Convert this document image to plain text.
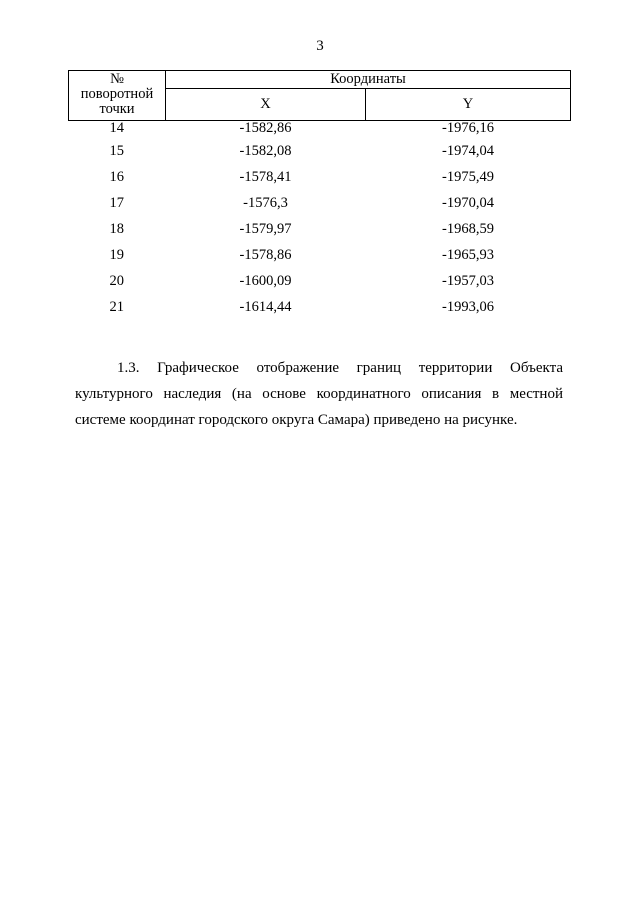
3
№
поворотной
точки	Координаты	
	X	Y
14	-1582,86	-1976,16
15	-1582,08	-1974,04
16	-1578,41	-1975,49
17	-1576,3	-1970,04
18	-1579,97	-1968,59
19	-1578,86	-1965,93
20	-1600,09	-1957,03
21	-1614,44	-1993,06

1.3. Графическое отображение границ территории Объекта культурного наследия (на основе координатного описания в местной системе координат городского округа Самара) приведено на рисунке.
